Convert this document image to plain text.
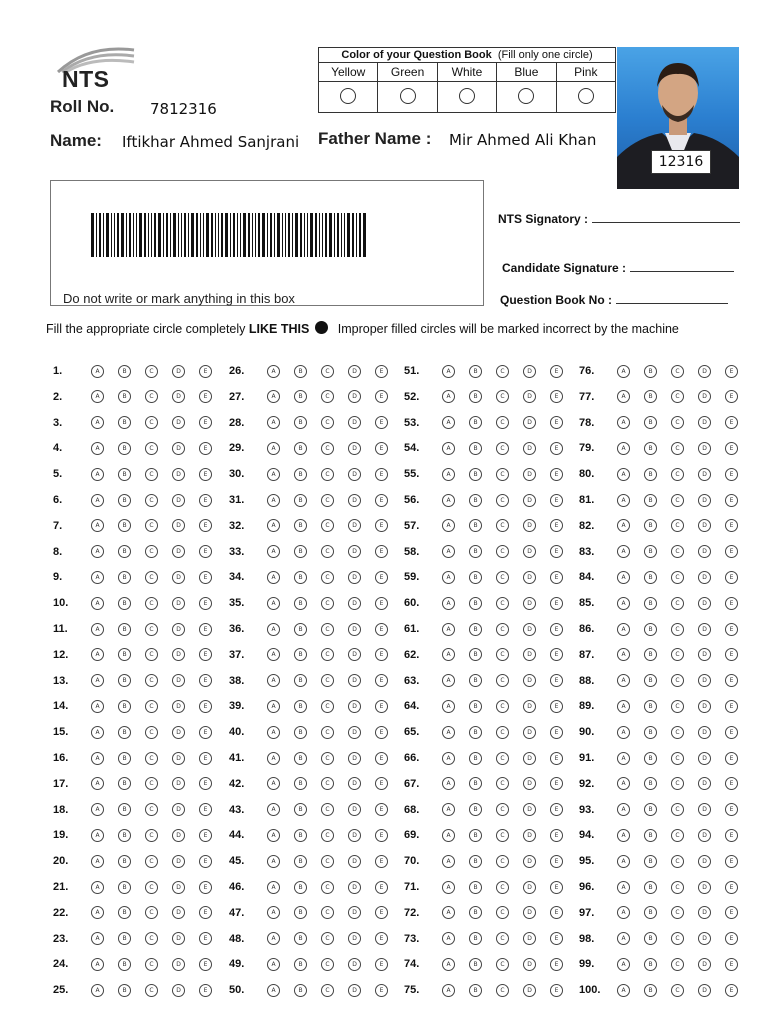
NTS
Roll No. 7812316
Name: Iftikhar Ahmed Sanjrani Father Name : Mir Ahmed Ali Khan
Color of your Question Book (Fill only one circle)				
Yellow	Green	White	Blue	Pink

12316
Do not write or mark anything in this box
NTS Signatory :
Candidate Signature :
Question Book No :
Fill the appropriate circle completely LIKE THIS Improper filled circles will be marked incorrect by the machine
1.	A	B	C	D	E
2.	A	B	C	D	E
3.	A	B	C	D	E
4.	A	B	C	D	E
5.	A	B	C	D	E
6.	A	B	C	D	E
7.	A	B	C	D	E
8.	A	B	C	D	E
9.	A	B	C	D	E
10.	A	B	C	D	E
11.	A	B	C	D	E
12.	A	B	C	D	E
13.	A	B	C	D	E
14.	A	B	C	D	E
15.	A	B	C	D	E
16.	A	B	C	D	E
17.	A	B	C	D	E
18.	A	B	C	D	E
19.	A	B	C	D	E
20.	A	B	C	D	E
21.	A	B	C	D	E
22.	A	B	C	D	E
23.	A	B	C	D	E
24.	A	B	C	D	E
25.	A	B	C	D	E
26.	A	B	C	D	E
27.	A	B	C	D	E
28.	A	B	C	D	E
29.	A	B	C	D	E
30.	A	B	C	D	E
31.	A	B	C	D	E
32.	A	B	C	D	E
33.	A	B	C	D	E
34.	A	B	C	D	E
35.	A	B	C	D	E
36.	A	B	C	D	E
37.	A	B	C	D	E
38.	A	B	C	D	E
39.	A	B	C	D	E
40.	A	B	C	D	E
41.	A	B	C	D	E
42.	A	B	C	D	E
43.	A	B	C	D	E
44.	A	B	C	D	E
45.	A	B	C	D	E
46.	A	B	C	D	E
47.	A	B	C	D	E
48.	A	B	C	D	E
49.	A	B	C	D	E
50.	A	B	C	D	E
51.	A	B	C	D	E
52.	A	B	C	D	E
53.	A	B	C	D	E
54.	A	B	C	D	E
55.	A	B	C	D	E
56.	A	B	C	D	E
57.	A	B	C	D	E
58.	A	B	C	D	E
59.	A	B	C	D	E
60.	A	B	C	D	E
61.	A	B	C	D	E
62.	A	B	C	D	E
63.	A	B	C	D	E
64.	A	B	C	D	E
65.	A	B	C	D	E
66.	A	B	C	D	E
67.	A	B	C	D	E
68.	A	B	C	D	E
69.	A	B	C	D	E
70.	A	B	C	D	E
71.	A	B	C	D	E
72.	A	B	C	D	E
73.	A	B	C	D	E
74.	A	B	C	D	E
75.	A	B	C	D	E
76.	A	B	C	D	E
77.	A	B	C	D	E
78.	A	B	C	D	E
79.	A	B	C	D	E
80.	A	B	C	D	E
81.	A	B	C	D	E
82.	A	B	C	D	E
83.	A	B	C	D	E
84.	A	B	C	D	E
85.	A	B	C	D	E
86.	A	B	C	D	E
87.	A	B	C	D	E
88.	A	B	C	D	E
89.	A	B	C	D	E
90.	A	B	C	D	E
91.	A	B	C	D	E
92.	A	B	C	D	E
93.	A	B	C	D	E
94.	A	B	C	D	E
95.	A	B	C	D	E
96.	A	B	C	D	E
97.	A	B	C	D	E
98.	A	B	C	D	E
99.	A	B	C	D	E
100.	A	B	C	D	E
